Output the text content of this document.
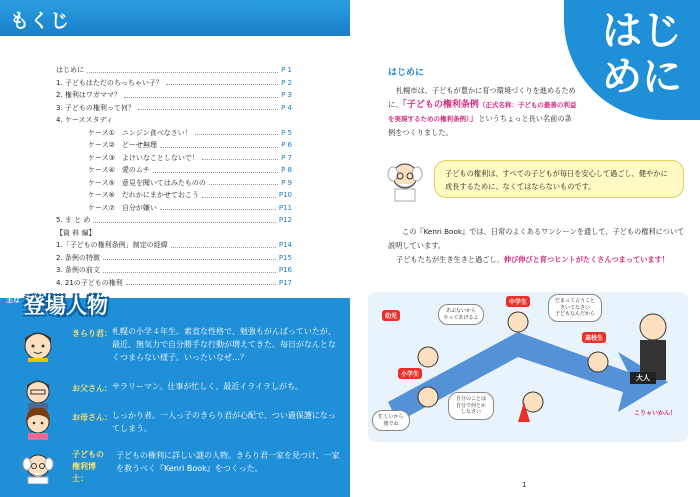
もくじ
はじめに	P 1
1. 子どもはただのちっちゃい子？	P 2
2. 権利はワガママ？	P 3
3. 子どもの権利って何？	P 4
4. ケーススタディ
ケース①　ニンジン食べなさい！	P 5
ケース②　どーせ無理	P 6
ケース③　よけいなことしないで！	P 7
ケース④　愛のムチ	P 8
ケース⑤　意見を聞いてはみたものの	P 9
ケース⑥　だれかにまかせておこう	P10
ケース⑦　自分が嫌い	P11
5. ま と め	P12
【資 料 編】
1.「子どもの権利条例」制定の経緯	P14
2. 条例の特徴	P15
3. 条例の前文	P16
4. 21の子どもの権利	P17
主な 登場人物
きらり君： 札幌の小学４年生。素直な性格で、勉強もがんばっていたが、最近、無気力で自分勝手な行動が増えてきた。毎日がなんとなくつまらない様子。いったいなぜ…？
お父さん： サラリーマン。仕事が忙しく、最近イライラしがち。
お母さん： しっかり者。一人っ子のきらり君が心配で、つい過保護になってしまう。
子どもの権利博士：
子どもの権利に詳しい謎の人物。きらり君一家を見つけ、一家を救うべく『Kenri Book』をつくった。
はじ
めに
はじめに
札幌市は、子どもが豊かに育つ環境づくりを進めるために、「子どもの権利条例（正式名称：子どもの最善の利益を実現するための権利条例）」というちょっと長い名前の条例をつくりました。
子どもの権利は、すべての子どもが毎日を安心して過ごし、健やかに成長するために、なくてはならないものです。
この『Kenri Book』では、日常のよくあるワンシーンを通して、子どもの権利について説明しています。
子どもたちが生き生きと過ごし、伸び伸びと育つヒントがたくさんつまっています！
幼児
中学生
高校生
小学生	大人
あぶないから
やってあげるよ
だまって言うこと
きいてなさい
子どもなんだから
忙しいから
後でね
自分のことは
自分で何とか
しなさい	こりゃいかん！
1
